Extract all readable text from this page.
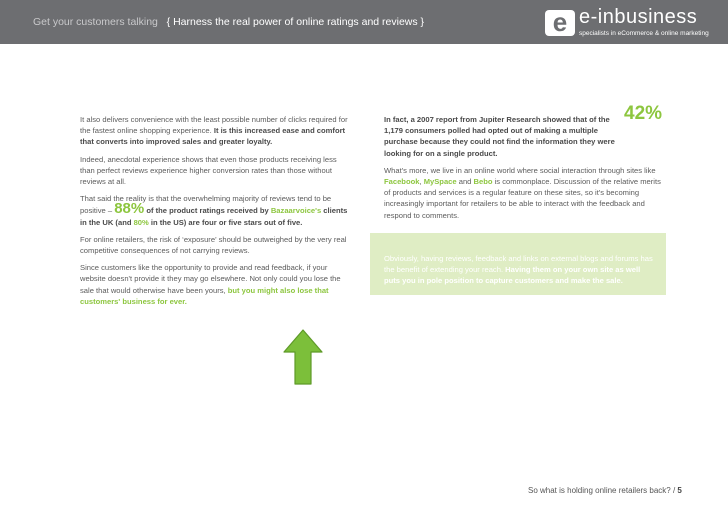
Get your customers talking { Harness the real power of online ratings and reviews }	e e-inbusiness
specialists in eCommerce & online marketing

It also delivers convenience with the least possible number of clicks required for the fastest online shopping experience. It is this increased ease and comfort that converts into improved sales and greater loyalty.

Indeed, anecdotal experience shows that even those products receiving less than perfect reviews experience higher conversion rates than those without reviews at all.

That said the reality is that the overwhelming majority of reviews tend to be positive – 88% of the product ratings received by Bazaarvoice's clients in the UK (and 80% in the US) are four or five stars out of five.

For online retailers, the risk of ‘exposure’ should be outweighed by the very real competitive consequences of not carrying reviews.

Since customers like the opportunity to provide and read feedback, if your website doesn't provide it they may go elsewhere. Not only could you lose the sale that would otherwise have been yours, but you might also lose that customers' business for ever.

42%

In fact, a 2007 report from Jupiter Research showed that of the 1,179 consumers polled had opted out of making a multiple purchase because they could not find the information they were looking for on a single product.

What's more, we live in an online world where social interaction through sites like Facebook, MySpace and Bebo is commonplace. Discussion of the relative merits of products and services is a regular feature on these sites, so it's becoming increasingly important for retailers to be able to interact with the feedback and respond to comments.

Obviously, having reviews, feedback and links on external blogs and forums has the benefit of extending your reach. Having them on your own site as well puts you in pole position to capture customers and make the sale.
So what is holding online retailers back? / 5
